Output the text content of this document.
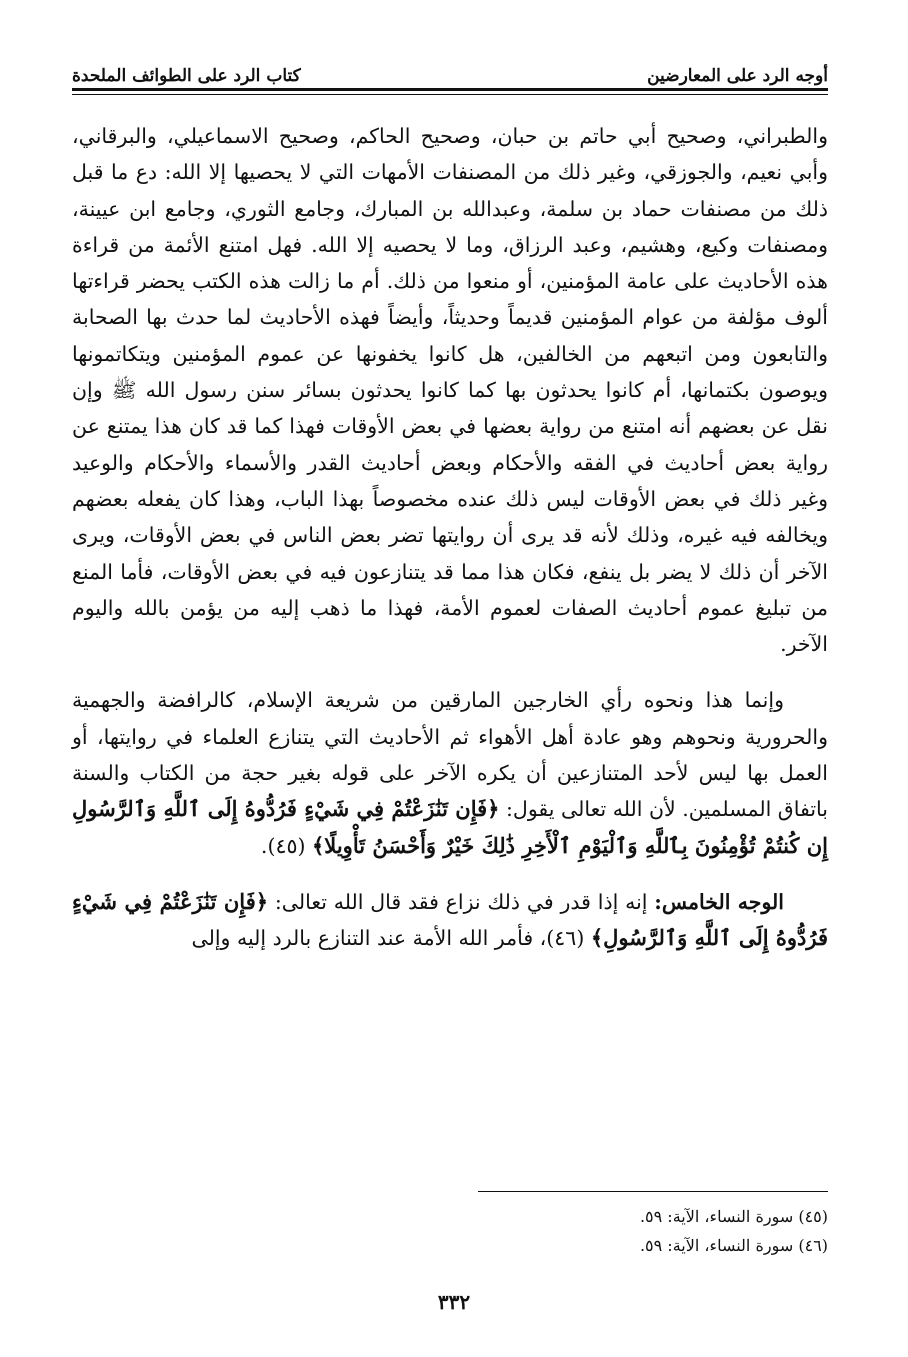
أوجه الرد على المعارضين
كتاب الرد على الطوائف الملحدة

والطبراني، وصحيح أبي حاتم بن حبان، وصحيح الحاكم، وصحيح الاسماعيلي، والبرقاني، وأبي نعيم، والجوزقي، وغير ذلك من المصنفات الأمهات التي لا يحصيها إلا الله: دع ما قبل ذلك من مصنفات حماد بن سلمة، وعبدالله بن المبارك، وجامع الثوري، وجامع ابن عيينة، ومصنفات وكيع، وهشيم، وعبد الرزاق، وما لا يحصيه إلا الله. فهل امتنع الأئمة من قراءة هذه الأحاديث على عامة المؤمنين، أو منعوا من ذلك. أم ما زالت هذه الكتب يحضر قراءتها ألوف مؤلفة من عوام المؤمنين قديماً وحديثاً، وأيضاً فهذه الأحاديث لما حدث بها الصحابة والتابعون ومن اتبعهم من الخالفين، هل كانوا يخفونها عن عموم المؤمنين ويتكاتمونها ويوصون بكتمانها، أم كانوا يحدثون بها كما كانوا يحدثون بسائر سنن رسول الله ﷺ وإن نقل عن بعضهم أنه امتنع من رواية بعضها في بعض الأوقات فهذا كما قد كان هذا يمتنع عن رواية بعض أحاديث في الفقه والأحكام وبعض أحاديث القدر والأسماء والأحكام والوعيد وغير ذلك في بعض الأوقات ليس ذلك عنده مخصوصاً بهذا الباب، وهذا كان يفعله بعضهم ويخالفه فيه غيره، وذلك لأنه قد يرى أن روايتها تضر بعض الناس في بعض الأوقات، ويرى الآخر أن ذلك لا يضر بل ينفع، فكان هذا مما قد يتنازعون فيه في بعض الأوقات، فأما المنع من تبليغ عموم أحاديث الصفات لعموم الأمة، فهذا ما ذهب إليه من يؤمن بالله واليوم الآخر.

وإنما هذا ونحوه رأي الخارجين المارقين من شريعة الإسلام، كالرافضة والجهمية والحرورية ونحوهم وهو عادة أهل الأهواء ثم الأحاديث التي يتنازع العلماء في روايتها، أو العمل بها ليس لأحد المتنازعين أن يكره الآخر على قوله بغير حجة من الكتاب والسنة باتفاق المسلمين. لأن الله تعالى يقول: ﴿فَإِن تَنَٰزَعْتُمْ فِي شَيْءٍ فَرُدُّوهُ إِلَى ٱللَّهِ وَٱلرَّسُولِ إِن كُنتُمْ تُؤْمِنُونَ بِٱللَّهِ وَٱلْيَوْمِ ٱلْأَخِرِ ذَٰلِكَ خَيْرٌ وَأَحْسَنُ تَأْوِيلًا﴾ (٤٥).

الوجه الخامس: إنه إذا قدر في ذلك نزاع فقد قال الله تعالى: ﴿فَإِن تَنَٰزَعْتُمْ فِي شَيْءٍ فَرُدُّوهُ إِلَى ٱللَّهِ وَٱلرَّسُولِ﴾ (٤٦)، فأمر الله الأمة عند التنازع بالرد إليه وإلى

(٤٥) سورة النساء، الآية: ٥٩.
(٤٦) سورة النساء، الآية: ٥٩.
٣٣٢
